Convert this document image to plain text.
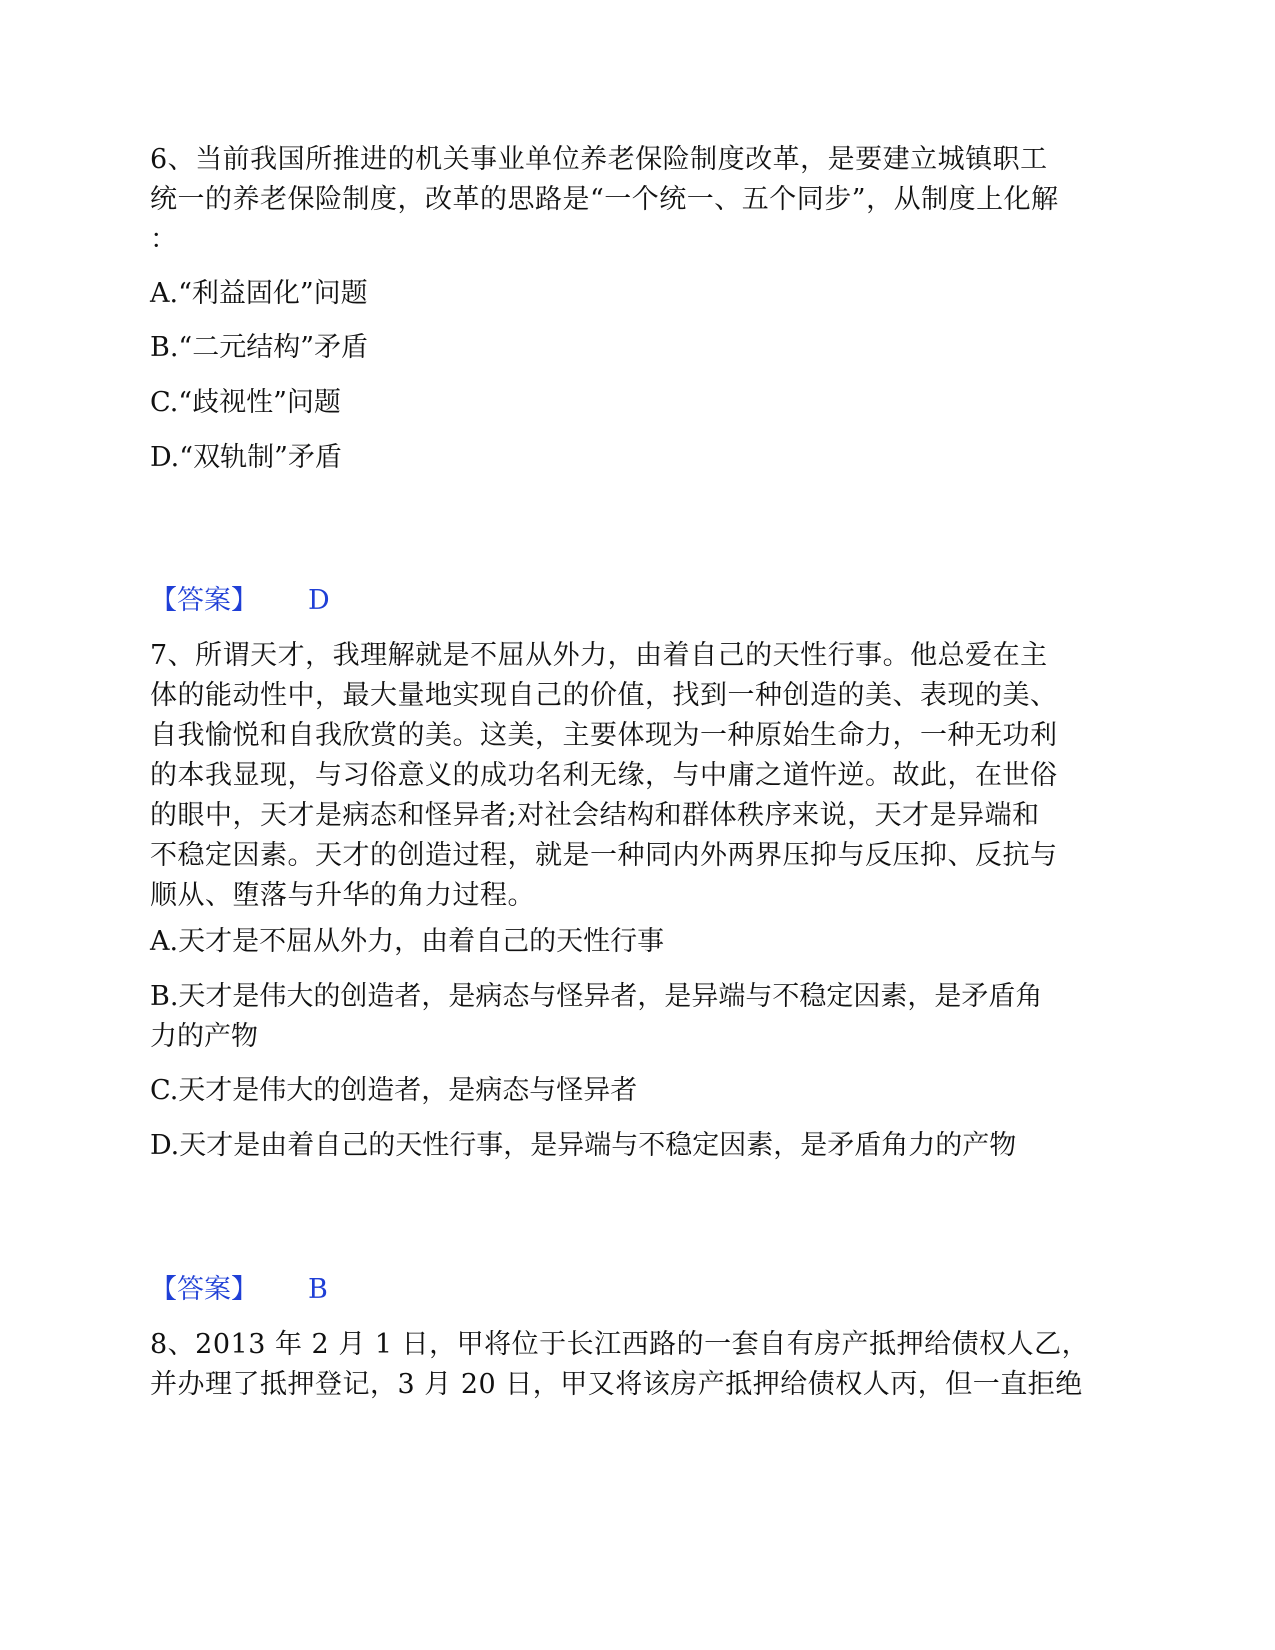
6、当前我国所推进的机关事业单位养老保险制度改革，是要建立城镇职工
统一的养老保险制度，改革的思路是“一个统一、五个同步”，从制度上化解
：
A.“利益固化”问题
B.“二元结构”矛盾
C.“歧视性”问题
D.“双轨制”矛盾
【答案】 D
7、所谓天才，我理解就是不屈从外力，由着自己的天性行事。他总爱在主
体的能动性中，最大量地实现自己的价值，找到一种创造的美、表现的美、
自我愉悦和自我欣赏的美。这美，主要体现为一种原始生命力，一种无功利
的本我显现，与习俗意义的成功名利无缘，与中庸之道忤逆。故此，在世俗
的眼中，天才是病态和怪异者;对社会结构和群体秩序来说，天才是异端和
不稳定因素。天才的创造过程，就是一种同内外两界压抑与反压抑、反抗与
顺从、堕落与升华的角力过程。
A.天才是不屈从外力，由着自己的天性行事
B.天才是伟大的创造者，是病态与怪异者，是异端与不稳定因素，是矛盾角
力的产物
C.天才是伟大的创造者，是病态与怪异者
D.天才是由着自己的天性行事，是异端与不稳定因素，是矛盾角力的产物
【答案】 B
8、2013 年 2 月 1 日，甲将位于长江西路的一套自有房产抵押给债权人乙，
并办理了抵押登记，3 月 20 日，甲又将该房产抵押给债权人丙，但一直拒绝
